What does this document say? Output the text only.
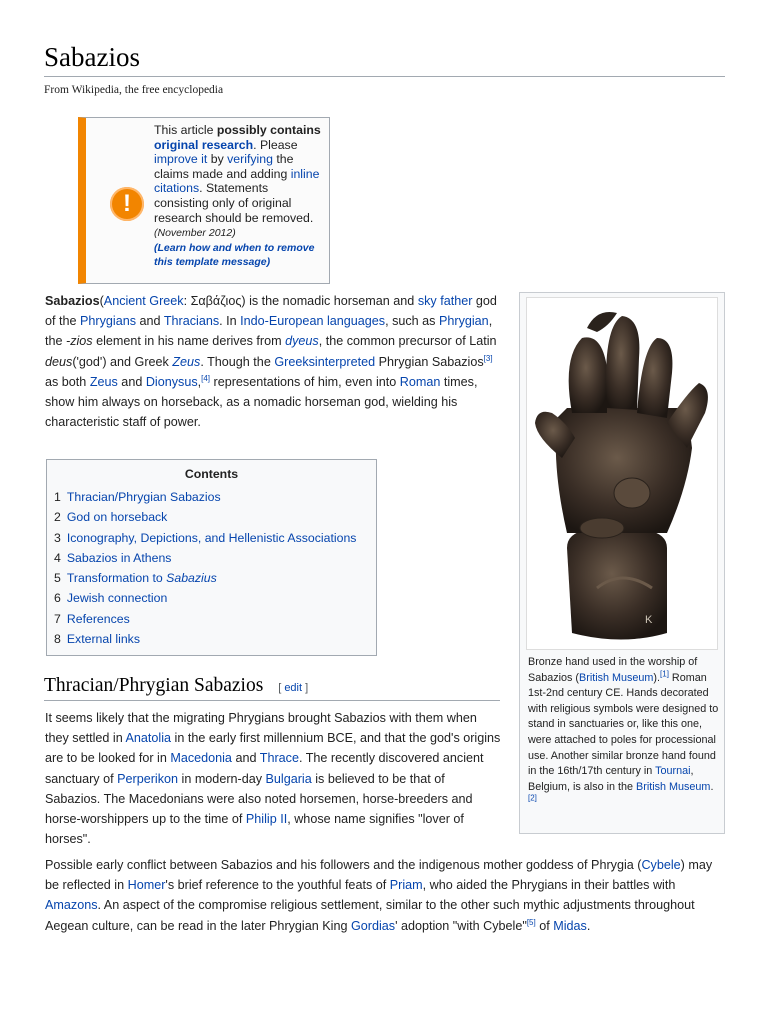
Sabazios
From Wikipedia, the free encyclopedia
!
This article possibly contains original research. Please improve it by verifying the claims made and adding inline citations. Statements consisting only of original research should be removed. (November 2012)
(Learn how and when to remove this template message)
Sabazios(Ancient Greek: Σαβάζιος) is the nomadic horseman and sky father god of the Phrygians and Thracians. In Indo-European languages, such as Phrygian, the -zios element in his name derives from dyeus, the common precursor of Latin deus('god') and Greek Zeus. Though the Greeksinterpreted Phrygian Sabazios[3] as both Zeus and Dionysus,[4] representations of him, even into Roman times, show him always on horseback, as a nomadic horseman god, wielding his characteristic staff of power.
Contents
1 Thracian/Phrygian Sabazios
2 God on horseback
3 Iconography, Depictions, and Hellenistic Associations
4 Sabazios in Athens
5 Transformation to Sabazius
6 Jewish connection
7 References
8 External links
Thracian/Phrygian Sabazios [ edit ]
It seems likely that the migrating Phrygians brought Sabazios with them when they settled in Anatolia in the early first millennium BCE, and that the god's origins are to be looked for in Macedonia and Thrace. The recently discovered ancient sanctuary of Perperikon in modern-day Bulgaria is believed to be that of Sabazios. The Macedonians were also noted horsemen, horse-breeders and horse-worshippers up to the time of Philip II, whose name signifies "lover of horses".
Possible early conflict between Sabazios and his followers and the indigenous mother goddess of Phrygia (Cybele) may be reflected in Homer's brief reference to the youthful feats of Priam, who aided the Phrygians in their battles with Amazons. An aspect of the compromise religious settlement, similar to the other such mythic adjustments throughout Aegean culture, can be read in the later Phrygian King Gordias' adoption "with Cybele"[5] of Midas.
K
Bronze hand used in the worship of Sabazios (British Museum).[1] Roman 1st-2nd century CE. Hands decorated with religious symbols were designed to stand in sanctuaries or, like this one, were attached to poles for processional use. Another similar bronze hand found in the 16th/17th century in Tournai, Belgium, is also in the British Museum.[2]
